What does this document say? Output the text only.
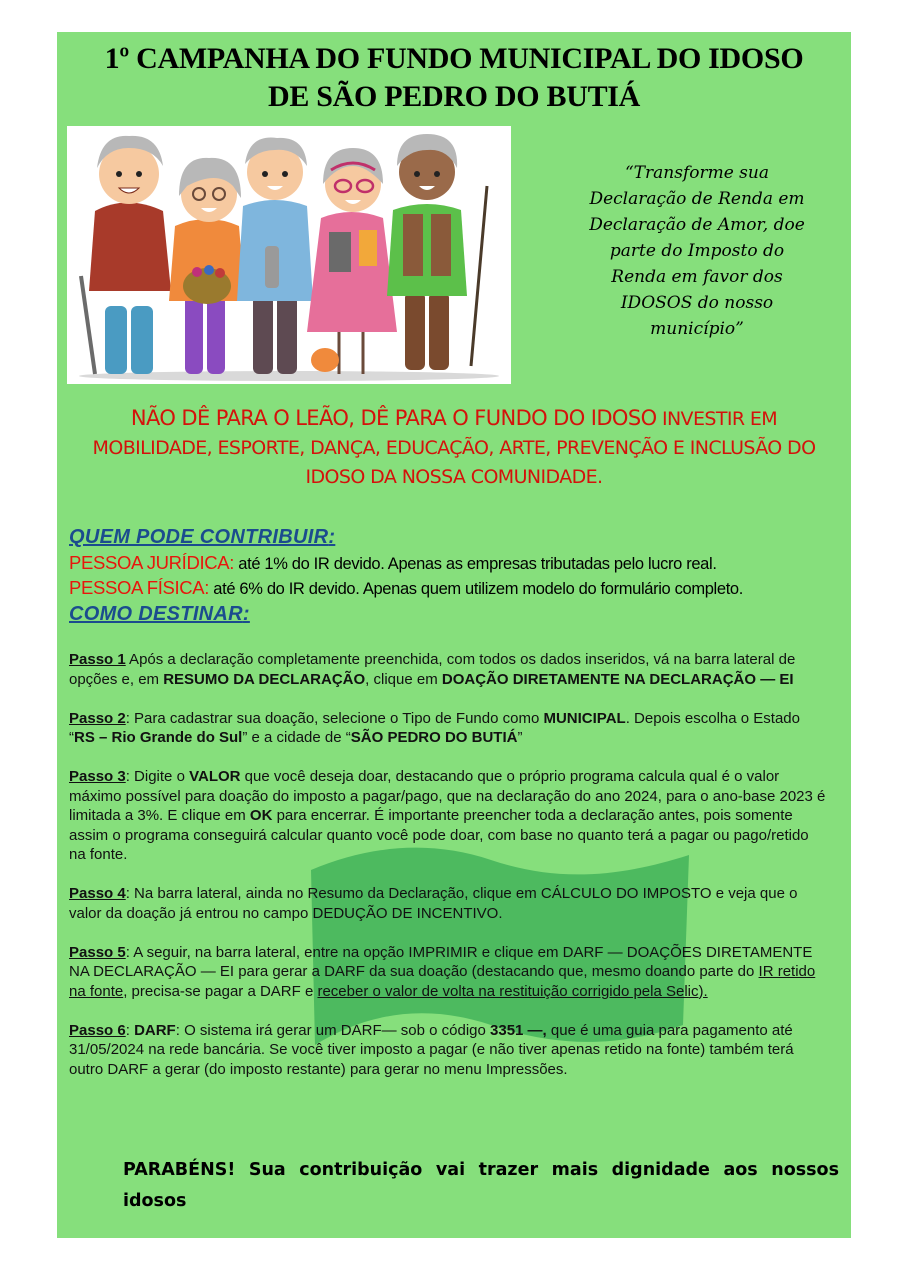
1º CAMPANHA DO FUNDO MUNICIPAL DO IDOSO
DE SÃO PEDRO DO BUTIÁ
“Transforme sua
Declaração de Renda em
Declaração de Amor, doe
parte do Imposto do
Renda em favor dos
IDOSOS do nosso
município”
NÃO DÊ PARA O LEÃO, DÊ PARA O FUNDO DO IDOSO INVESTIR EM
MOBILIDADE, ESPORTE, DANÇA, EDUCAÇÃO, ARTE, PREVENÇÃO E INCLUSÃO DO
IDOSO DA NOSSA COMUNIDADE.
QUEM PODE CONTRIBUIR:
PESSOA JURÍDICA: até 1% do IR devido. Apenas as empresas tributadas pelo lucro real.
PESSOA FÍSICA: até 6% do IR devido. Apenas quem utilizem modelo do formulário completo.
COMO DESTINAR:

Passo 1 Após a declaração completamente preenchida, com todos os dados inseridos, vá na barra lateral de opções e, em RESUMO DA DECLARAÇÃO, clique em DOAÇÃO DIRETAMENTE NA DECLARAÇÃO — EI

Passo 2: Para cadastrar sua doação, selecione o Tipo de Fundo como MUNICIPAL. Depois escolha o Estado “RS – Rio Grande do Sul” e a cidade de “SÃO PEDRO DO BUTIÁ”

Passo 3: Digite o VALOR que você deseja doar, destacando que o próprio programa calcula qual é o valor máximo possível para doação do imposto a pagar/pago, que na declaração do ano 2024, para o ano-base 2023 é limitada a 3%. E clique em OK para encerrar. É importante preencher toda a declaração antes, pois somente assim o programa conseguirá calcular quanto você pode doar, com base no quanto terá a pagar ou pago/retido na fonte.

Passo 4: Na barra lateral, ainda no Resumo da Declaração, clique em CÁLCULO DO IMPOSTO e veja que o valor da doação já entrou no campo DEDUÇÃO DE INCENTIVO.

Passo 5: A seguir, na barra lateral, entre na opção IMPRIMIR e clique em DARF — DOAÇÕES DIRETAMENTE NA DECLARAÇÃO — EI para gerar a DARF da sua doação (destacando que, mesmo doando parte do IR retido na fonte, precisa-se pagar a DARF e receber o valor de volta na restituição corrigido pela Selic).

Passo 6: DARF: O sistema irá gerar um DARF— sob o código 3351 —, que é uma guia para pagamento até 31/05/2024 na rede bancária. Se você tiver imposto a pagar (e não tiver apenas retido na fonte) também terá outro DARF a gerar (do imposto restante) para gerar no menu Impressões.

PARABÉNS! Sua contribuição vai trazer mais dignidade aos nossos idosos
